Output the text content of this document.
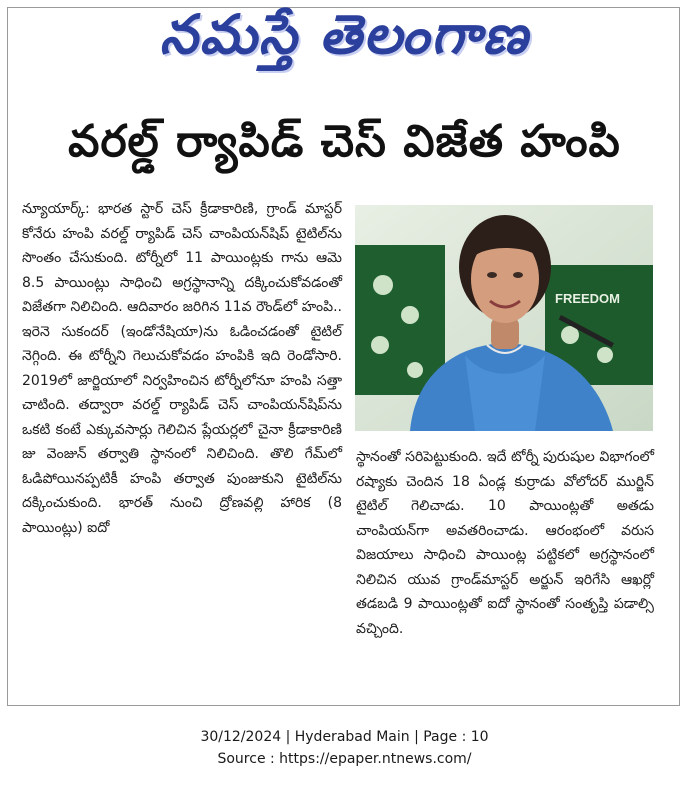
నమస్తే తెలంగాణ
వరల్డ్ ర్యాపిడ్ చెస్ విజేత హంపి

న్యూయార్క్: భారత స్టార్ చెస్ క్రీడాకారిణి, గ్రాండ్ మాస్టర్ కోనేరు హంపి వరల్డ్ ర్యాపిడ్ చెస్ చాంపియన్‌షిప్ టైటిల్‌ను సొంతం చేసుకుంది. టోర్నీలో 11 పాయింట్లకు గాను ఆమె 8.5 పాయింట్లు సాధించి అగ్రస్థానాన్ని దక్కించుకోవడంతో విజేతగా నిలిచింది. ఆదివారం జరిగిన 11వ రౌండ్‌లో హంపి.. ఇరెనె సుకందర్ (ఇండోనేషియా)ను ఓడించడంతో టైటిల్ నెగ్గింది. ఈ టోర్నీని గెలుచుకోవడం హంపికి ఇది రెండోసారి. 2019లో జార్జియాలో నిర్వహించిన టోర్నీలోనూ హంపి సత్తా చాటింది. తద్వారా వరల్డ్ ర్యాపిడ్ చెస్ చాంపియన్‌షిప్‌ను ఒకటి కంటే ఎక్కువసార్లు గెలిచిన ప్లేయర్లలో చైనా క్రీడాకారిణి జు వెంజున్ తర్వాతి స్థానంలో నిలిచింది. తొలి గేమ్‌లో ఓడిపోయినప్పటికీ హంపి తర్వాత పుంజుకుని టైటిల్‌ను దక్కించుకుంది. భారత్ నుంచి ద్రోణవల్లి హారిక (8 పాయింట్లు) ఐదో

FREEDOM

స్థానంతో సరిపెట్టుకుంది. ఇదే టోర్నీ పురుషుల విభాగంలో రష్యాకు చెందిన 18 ఏండ్ల కుర్రాడు వోలోదర్ ముర్జిన్ టైటిల్ గెలిచాడు. 10 పాయింట్లతో అతడు చాంపియన్‌గా అవతరించాడు. ఆరంభంలో వరుస విజయాలు సాధించి పాయింట్ల పట్టికలో అగ్రస్థానంలో నిలిచిన యువ గ్రాండ్‌మాస్టర్ అర్జున్ ఇరిగేసి ఆఖర్లో తడబడి 9 పాయింట్లతో ఐదో స్థానంతో సంతృప్తి పడాల్సి వచ్చింది.

30/12/2024 | Hyderabad Main | Page : 10
Source : https://epaper.ntnews.com/
